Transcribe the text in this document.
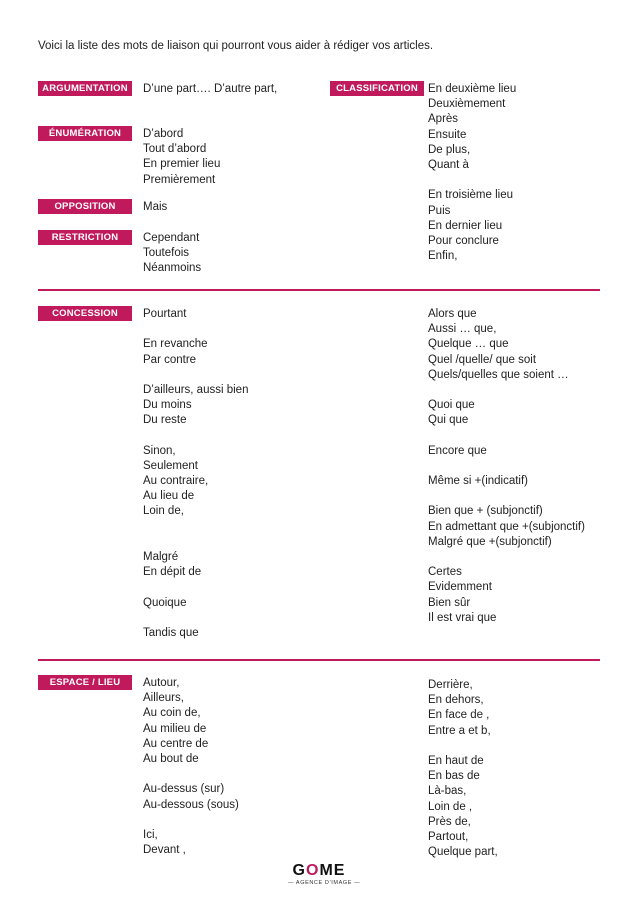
Voici la liste des mots de liaison qui pourront vous aider à rédiger vos articles.
ARGUMENTATION
ÉNUMÉRATION
OPPOSITION
RESTRICTION
CLASSIFICATION
D’une part…. D’autre part,
D’abord
Tout d’abord
En premier lieu
Premièrement
Mais
Cependant
Toutefois
Néanmoins
En deuxième lieu
Deuxièmement
Après
Ensuite
De plus,
Quant à
En troisième lieu
Puis
En dernier lieu
Pour conclure
Enfin,
CONCESSION	Pourtant
En revanche
Par contre
D’ailleurs, aussi bien
Du moins
Du reste
Sinon,
Seulement
Au contraire,
Au lieu de
Loin de,
Malgré
En dépit de
Quoique
Tandis que
Alors que
Aussi … que,
Quelque … que
Quel /quelle/ que soit
Quels/quelles que soient …
Quoi que
Qui que
Encore que
Même si +(indicatif)
Bien que + (subjonctif)
En admettant que +(subjonctif)
Malgré que +(subjonctif)
Certes
Evidemment
Bien sûr
Il est vrai que
ESPACE / LIEU	Autour,
Ailleurs,
Au coin de,
Au milieu de
Au centre de
Au bout de
Au-dessus (sur)
Au-dessous (sous)
Ici,
Devant ,
Derrière,
En dehors,
En face de ,
Entre a et b,
En haut de
En bas de
Là-bas,
Loin de ,
Près de,
Partout,
Quelque part,
GOME
— AGENCE D’IMAGE —
